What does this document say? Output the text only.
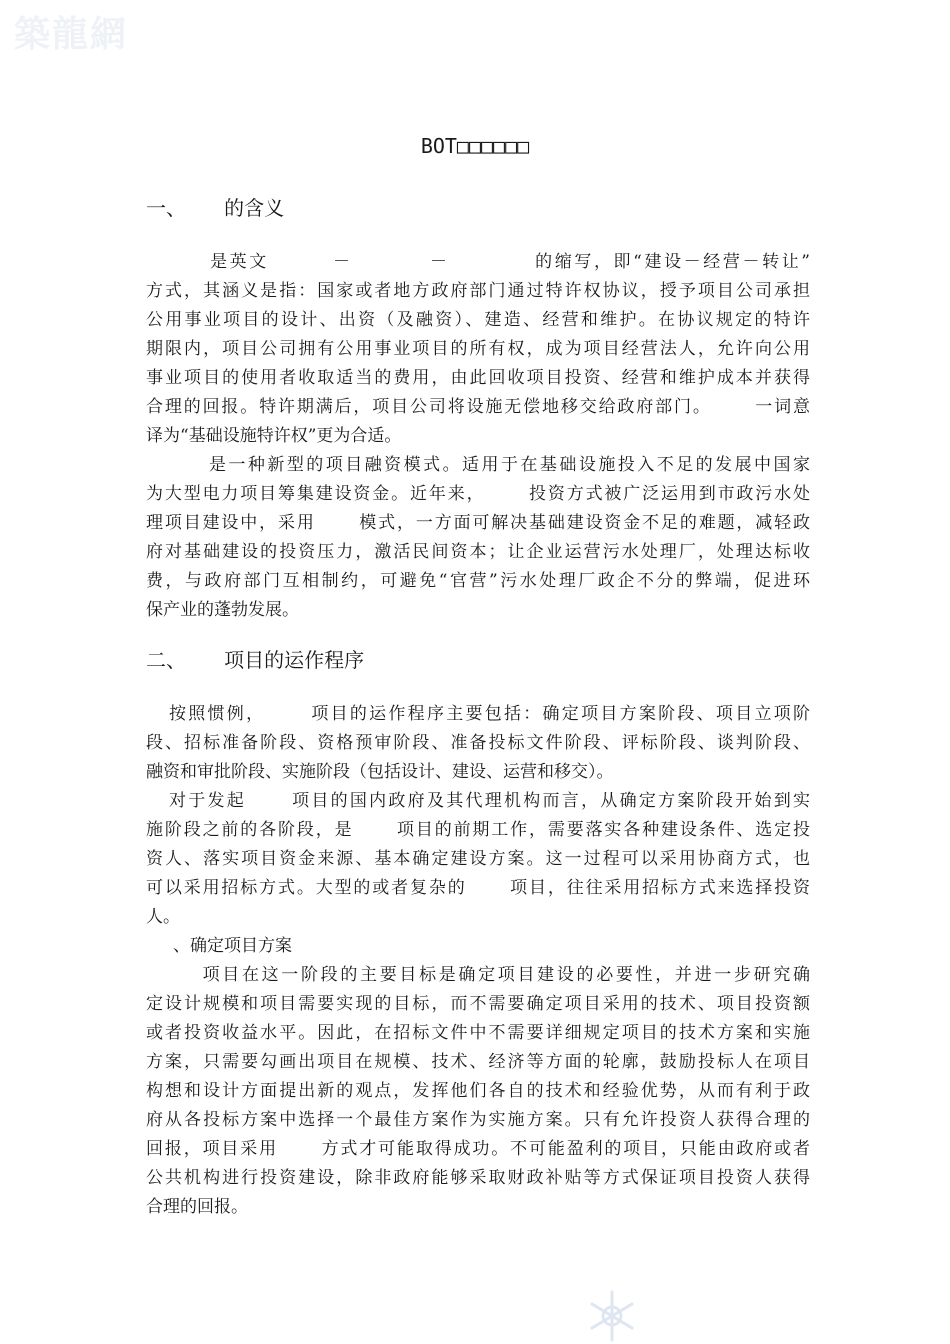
築龍網
BOT□□□□□□
一、      的含义
是英文        －          －           的缩写，即“建设－经营－转让”
方式，其涵义是指：国家或者地方政府部门通过特许权协议，授予项目公司承担
公用事业项目的设计、出资（及融资）、建造、经营和维护。在协议规定的特许
期限内，项目公司拥有公用事业项目的所有权，成为项目经营法人，允许向公用
事业项目的使用者收取适当的费用，由此回收项目投资、经营和维护成本并获得
合理的回报。特许期满后，项目公司将设施无偿地移交给政府部门。      一词意
译为“基础设施特许权”更为合适。
是一种新型的项目融资模式。适用于在基础设施投入不足的发展中国家
为大型电力项目筹集建设资金。近年来，      投资方式被广泛运用到市政污水处
理项目建设中，采用      模式，一方面可解决基础建设资金不足的难题，减轻政
府对基础建设的投资压力，激活民间资本；让企业运营污水处理厂，处理达标收
费，与政府部门互相制约，可避免“官营”污水处理厂政企不分的弊端，促进环
保产业的蓬勃发展。
二、      项目的运作程序
按照惯例，      项目的运作程序主要包括：确定项目方案阶段、项目立项阶
段、招标准备阶段、资格预审阶段、准备投标文件阶段、评标阶段、谈判阶段、
融资和审批阶段、实施阶段（包括设计、建设、运营和移交）。
对于发起      项目的国内政府及其代理机构而言，从确定方案阶段开始到实
施阶段之前的各阶段，是      项目的前期工作，需要落实各种建设条件、选定投
资人、落实项目资金来源、基本确定建设方案。这一过程可以采用协商方式，也
可以采用招标方式。大型的或者复杂的      项目，往往采用招标方式来选择投资
人。
、确定项目方案
项目在这一阶段的主要目标是确定项目建设的必要性，并进一步研究确
定设计规模和项目需要实现的目标，而不需要确定项目采用的技术、项目投资额
或者投资收益水平。因此，在招标文件中不需要详细规定项目的技术方案和实施
方案，只需要勾画出项目在规模、技术、经济等方面的轮廓，鼓励投标人在项目
构想和设计方面提出新的观点，发挥他们各自的技术和经验优势，从而有利于政
府从各投标方案中选择一个最佳方案作为实施方案。只有允许投资人获得合理的
回报，项目采用      方式才可能取得成功。不可能盈利的项目，只能由政府或者
公共机构进行投资建设，除非政府能够采取财政补贴等方式保证项目投资人获得
合理的回报。
